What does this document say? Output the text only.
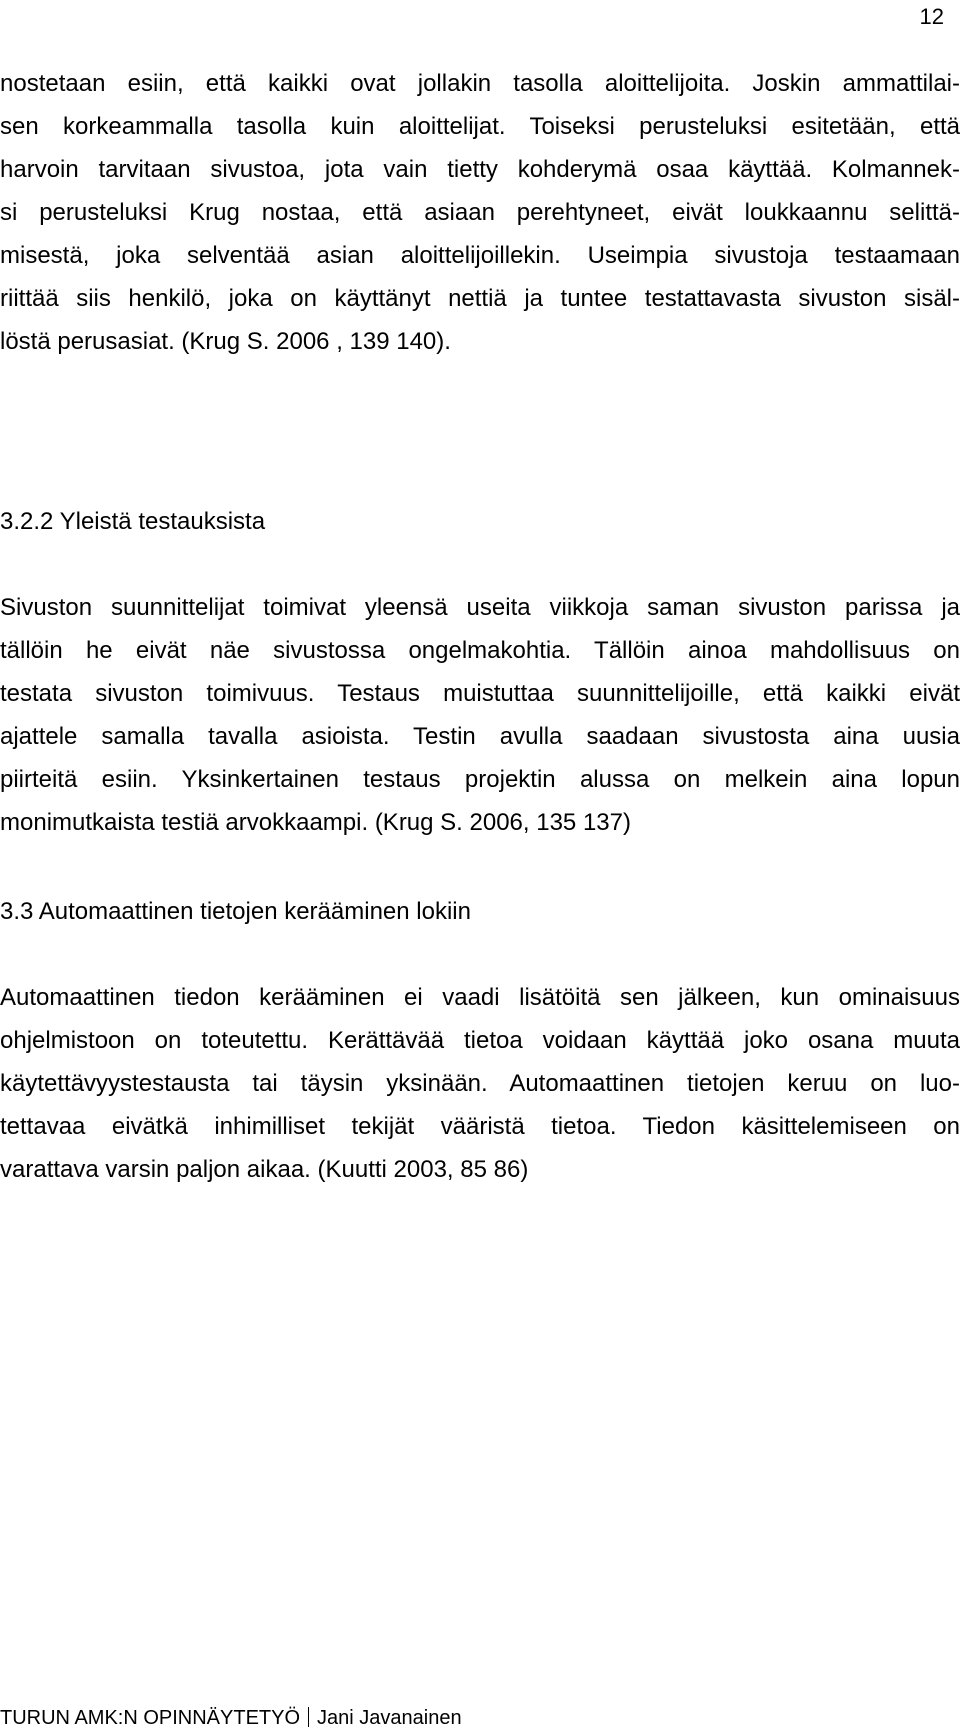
12
nostetaan esiin, että kaikki ovat jollakin tasolla aloittelijoita. Joskin ammattilai-
sen korkeammalla tasolla kuin aloittelijat. Toiseksi perusteluksi esitetään, että
harvoin tarvitaan sivustoa, jota vain tietty kohderymä osaa käyttää. Kolmannek-
si perusteluksi Krug nostaa, että asiaan perehtyneet, eivät loukkaannu selittä-
misestä, joka selventää asian aloittelijoillekin. Useimpia sivustoja testaamaan
riittää siis henkilö, joka on käyttänyt nettiä ja tuntee testattavasta sivuston sisäl-
löstä perusasiat. (Krug S. 2006 , 139 140).
3.2.2 Yleistä testauksista
Sivuston suunnittelijat toimivat yleensä useita viikkoja saman sivuston parissa ja
tällöin he eivät näe sivustossa ongelmakohtia. Tällöin ainoa mahdollisuus on
testata sivuston toimivuus. Testaus muistuttaa suunnittelijoille, että kaikki eivät
ajattele samalla tavalla asioista. Testin avulla saadaan sivustosta aina uusia
piirteitä esiin. Yksinkertainen testaus projektin alussa on melkein aina lopun
monimutkaista testiä arvokkaampi. (Krug S. 2006, 135 137)
3.3 Automaattinen tietojen kerääminen lokiin
Automaattinen tiedon kerääminen ei vaadi lisätöitä sen jälkeen, kun ominaisuus
ohjelmistoon on toteutettu. Kerättävää tietoa voidaan käyttää joko osana muuta
käytettävyystestausta tai täysin yksinään. Automaattinen tietojen keruu on luo-
tettavaa eivätkä inhimilliset tekijät vääristä tietoa. Tiedon käsittelemiseen on
varattava varsin paljon aikaa. (Kuutti 2003, 85 86)
TURUN AMK:N OPINNÄYTETYÖ Jani Javanainen
